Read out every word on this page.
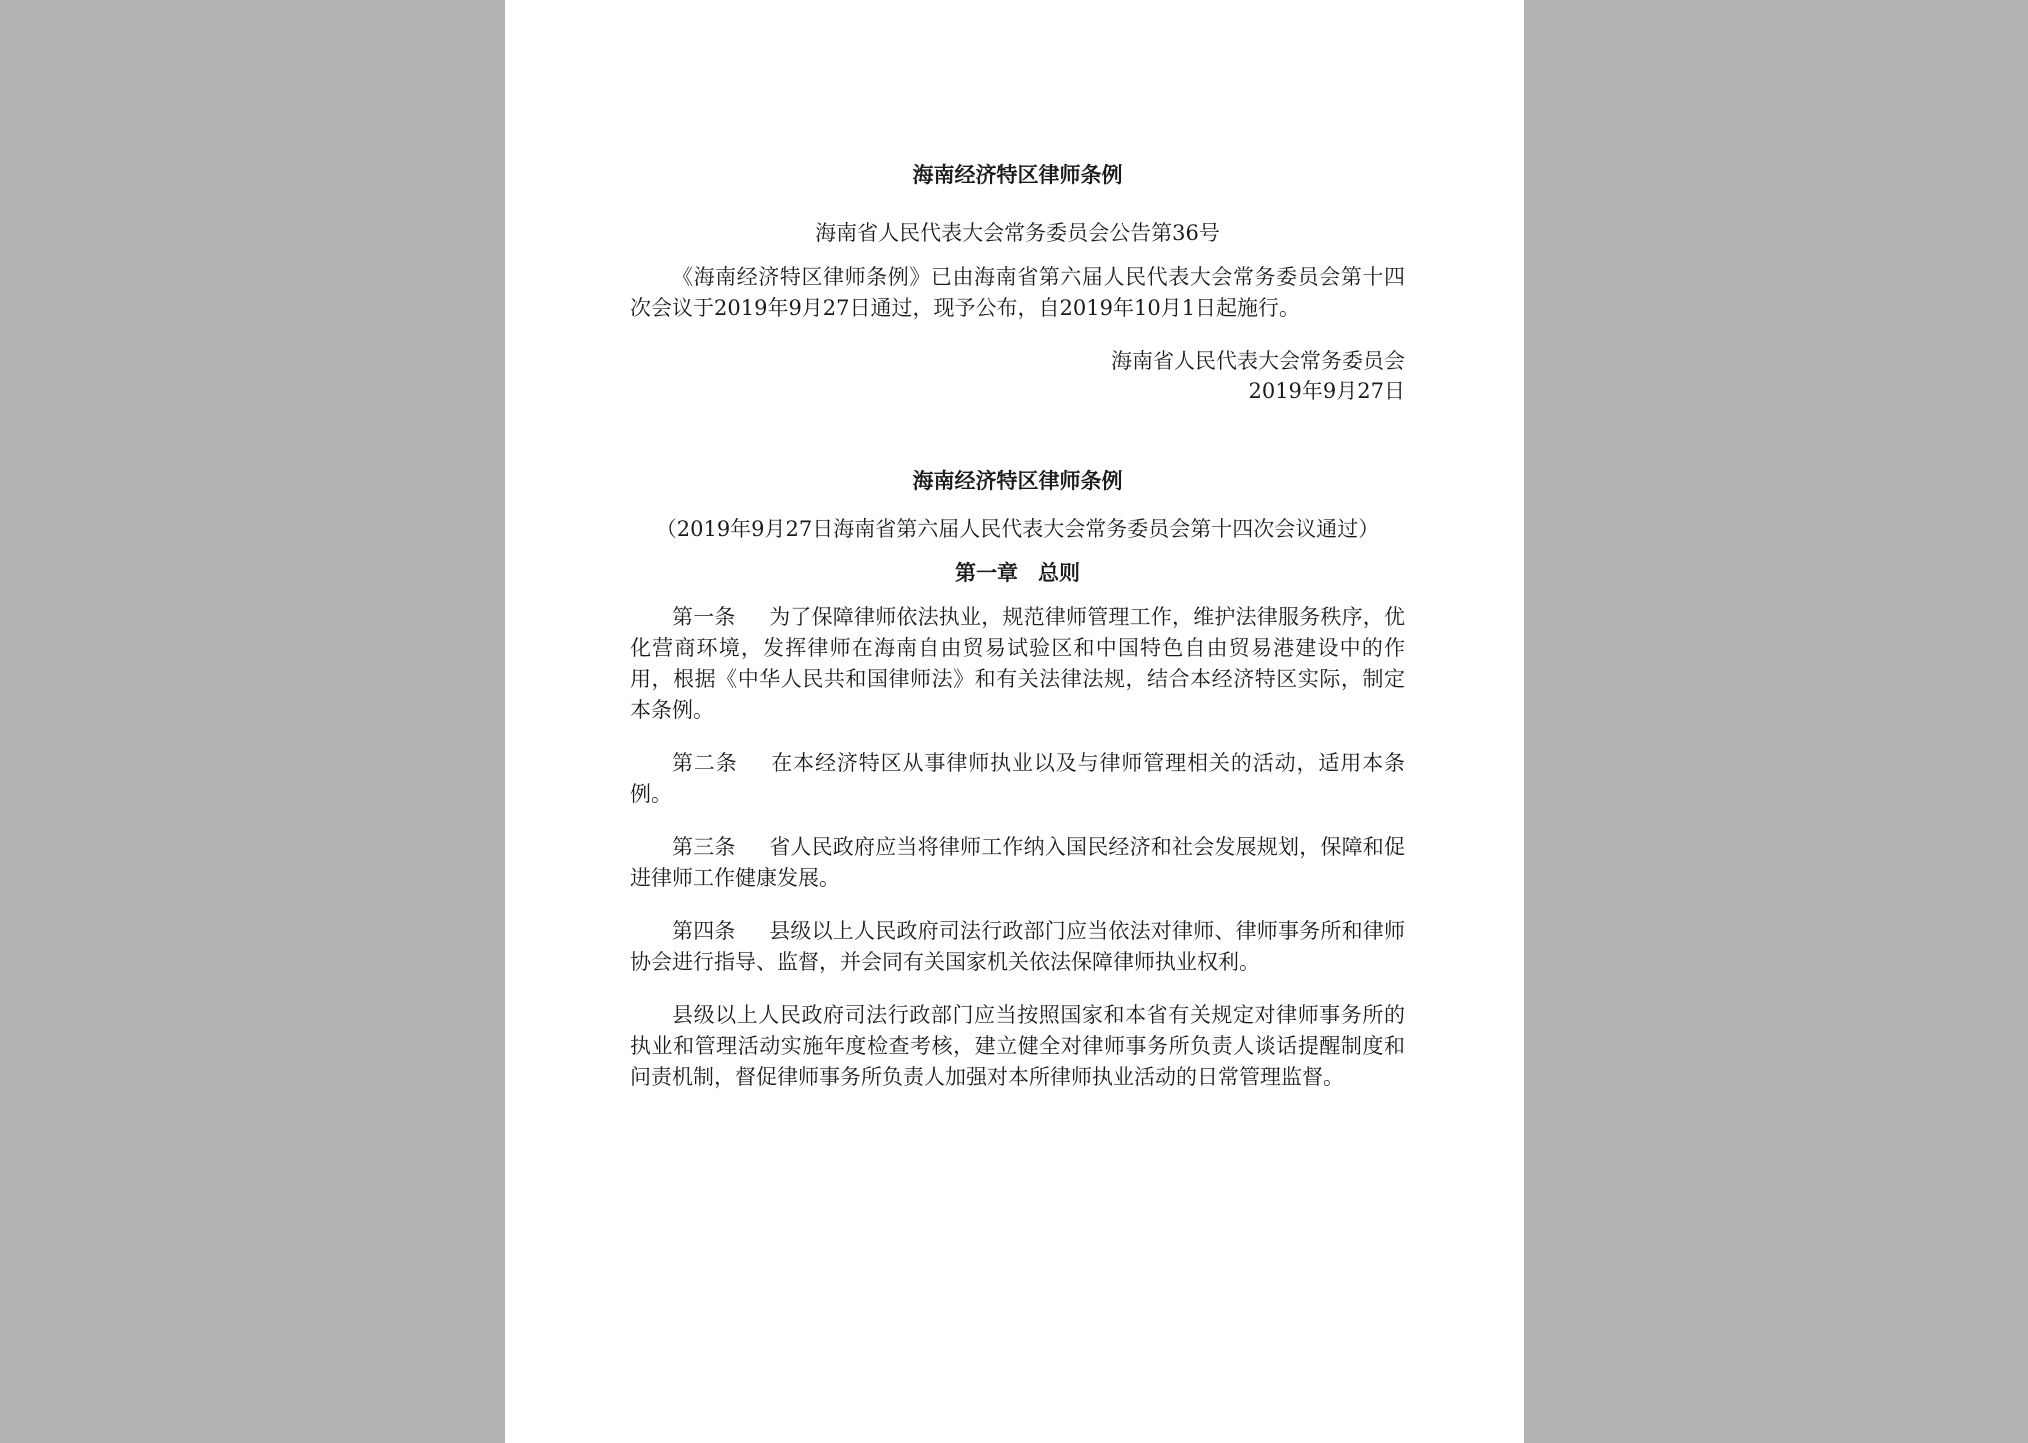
海南经济特区律师条例

海南省人民代表大会常务委员会公告第36号

《海南经济特区律师条例》已由海南省第六届人民代表大会常务委员会第十四次会议于2019年9月27日通过，现予公布，自2019年10月1日起施行。

海南省人民代表大会常务委员会

2019年9月27日

海南经济特区律师条例

（2019年9月27日海南省第六届人民代表大会常务委员会第十四次会议通过）

第一章 总则

第一条 为了保障律师依法执业，规范律师管理工作，维护法律服务秩序，优化营商环境，发挥律师在海南自由贸易试验区和中国特色自由贸易港建设中的作用，根据《中华人民共和国律师法》和有关法律法规，结合本经济特区实际，制定本条例。

第二条 在本经济特区从事律师执业以及与律师管理相关的活动，适用本条例。

第三条 省人民政府应当将律师工作纳入国民经济和社会发展规划，保障和促进律师工作健康发展。

第四条 县级以上人民政府司法行政部门应当依法对律师、律师事务所和律师协会进行指导、监督，并会同有关国家机关依法保障律师执业权利。

县级以上人民政府司法行政部门应当按照国家和本省有关规定对律师事务所的执业和管理活动实施年度检查考核，建立健全对律师事务所负责人谈话提醒制度和问责机制，督促律师事务所负责人加强对本所律师执业活动的日常管理监督。
